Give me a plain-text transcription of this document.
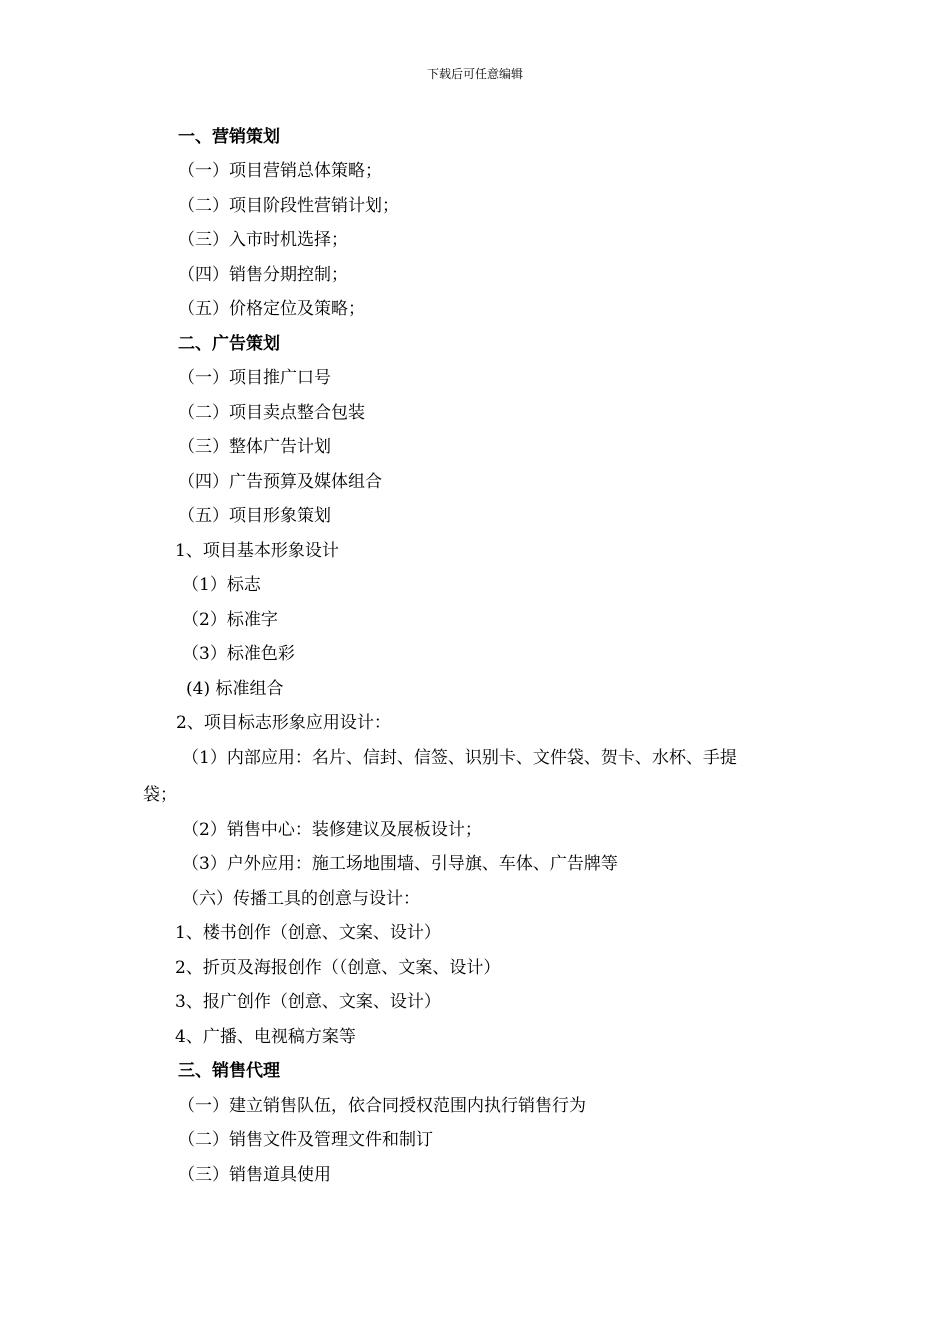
下载后可任意编辑
一、营销策划
（一）项目营销总体策略；
（二）项目阶段性营销计划；
（三）入市时机选择；
（四）销售分期控制；
（五）价格定位及策略；
二、广告策划
（一）项目推广口号
（二）项目卖点整合包装
（三）整体广告计划
（四）广告预算及媒体组合
（五）项目形象策划
1、项目基本形象设计
（1）标志
（2）标准字
（3）标准色彩
(4) 标准组合
2、项目标志形象应用设计：
（1）内部应用：名片、信封、信签、识别卡、文件袋、贺卡、水杯、手提
袋；
（2）销售中心：装修建议及展板设计；
（3）户外应用：施工场地围墙、引导旗、车体、广告牌等
（六）传播工具的创意与设计：
1、楼书创作（创意、文案、设计）
2、折页及海报创作（（创意、文案、设计）
3、报广创作（创意、文案、设计）
4、广播、电视稿方案等
三、销售代理
（一）建立销售队伍，依合同授权范围内执行销售行为
（二）销售文件及管理文件和制订
（三）销售道具使用
